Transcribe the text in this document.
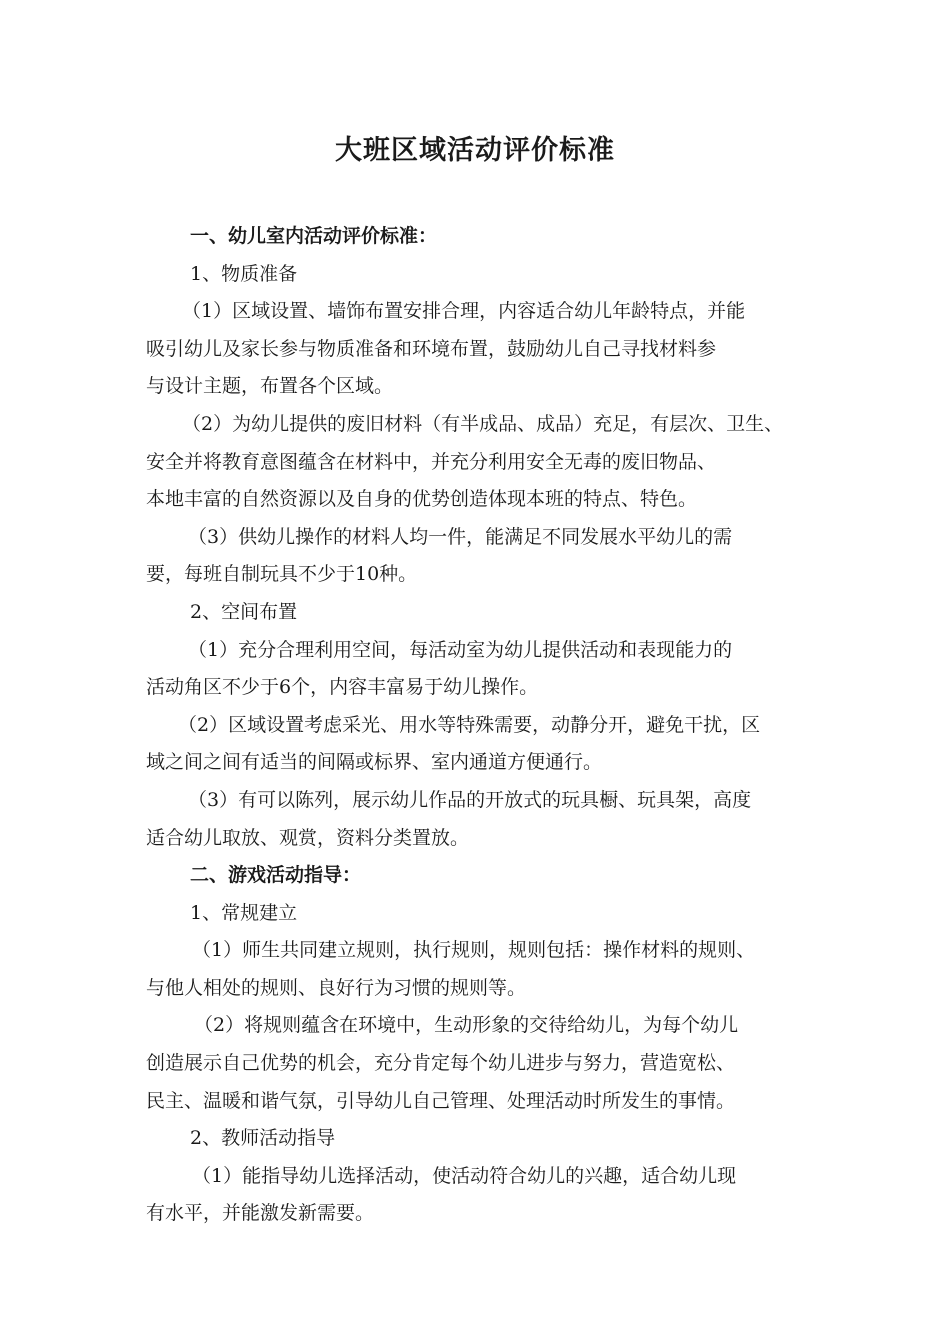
大班区域活动评价标准
一、幼儿室内活动评价标准：
1、物质准备
（1）区域设置、墙饰布置安排合理，内容适合幼儿年龄特点，并能
吸引幼儿及家长参与物质准备和环境布置，鼓励幼儿自己寻找材料参
与设计主题，布置各个区域。
（2）为幼儿提供的废旧材料（有半成品、成品）充足，有层次、卫生、
安全并将教育意图蕴含在材料中，并充分利用安全无毒的废旧物品、
本地丰富的自然资源以及自身的优势创造体现本班的特点、特色。
（3）供幼儿操作的材料人均一件，能满足不同发展水平幼儿的需
要，每班自制玩具不少于10种。
2、空间布置
（1）充分合理利用空间，每活动室为幼儿提供活动和表现能力的
活动角区不少于6个，内容丰富易于幼儿操作。
（2）区域设置考虑采光、用水等特殊需要，动静分开，避免干扰，区
域之间之间有适当的间隔或标界、室内通道方便通行。
（3）有可以陈列，展示幼儿作品的开放式的玩具橱、玩具架，高度
适合幼儿取放、观赏，资料分类置放。
二、游戏活动指导：
1、常规建立
（1）师生共同建立规则，执行规则，规则包括：操作材料的规则、
与他人相处的规则、良好行为习惯的规则等。
（2）将规则蕴含在环境中，生动形象的交待给幼儿，为每个幼儿
创造展示自己优势的机会，充分肯定每个幼儿进步与努力，营造宽松、
民主、温暖和谐气氛，引导幼儿自己管理、处理活动时所发生的事情。
2、教师活动指导
（1）能指导幼儿选择活动，使活动符合幼儿的兴趣，适合幼儿现
有水平，并能激发新需要。
